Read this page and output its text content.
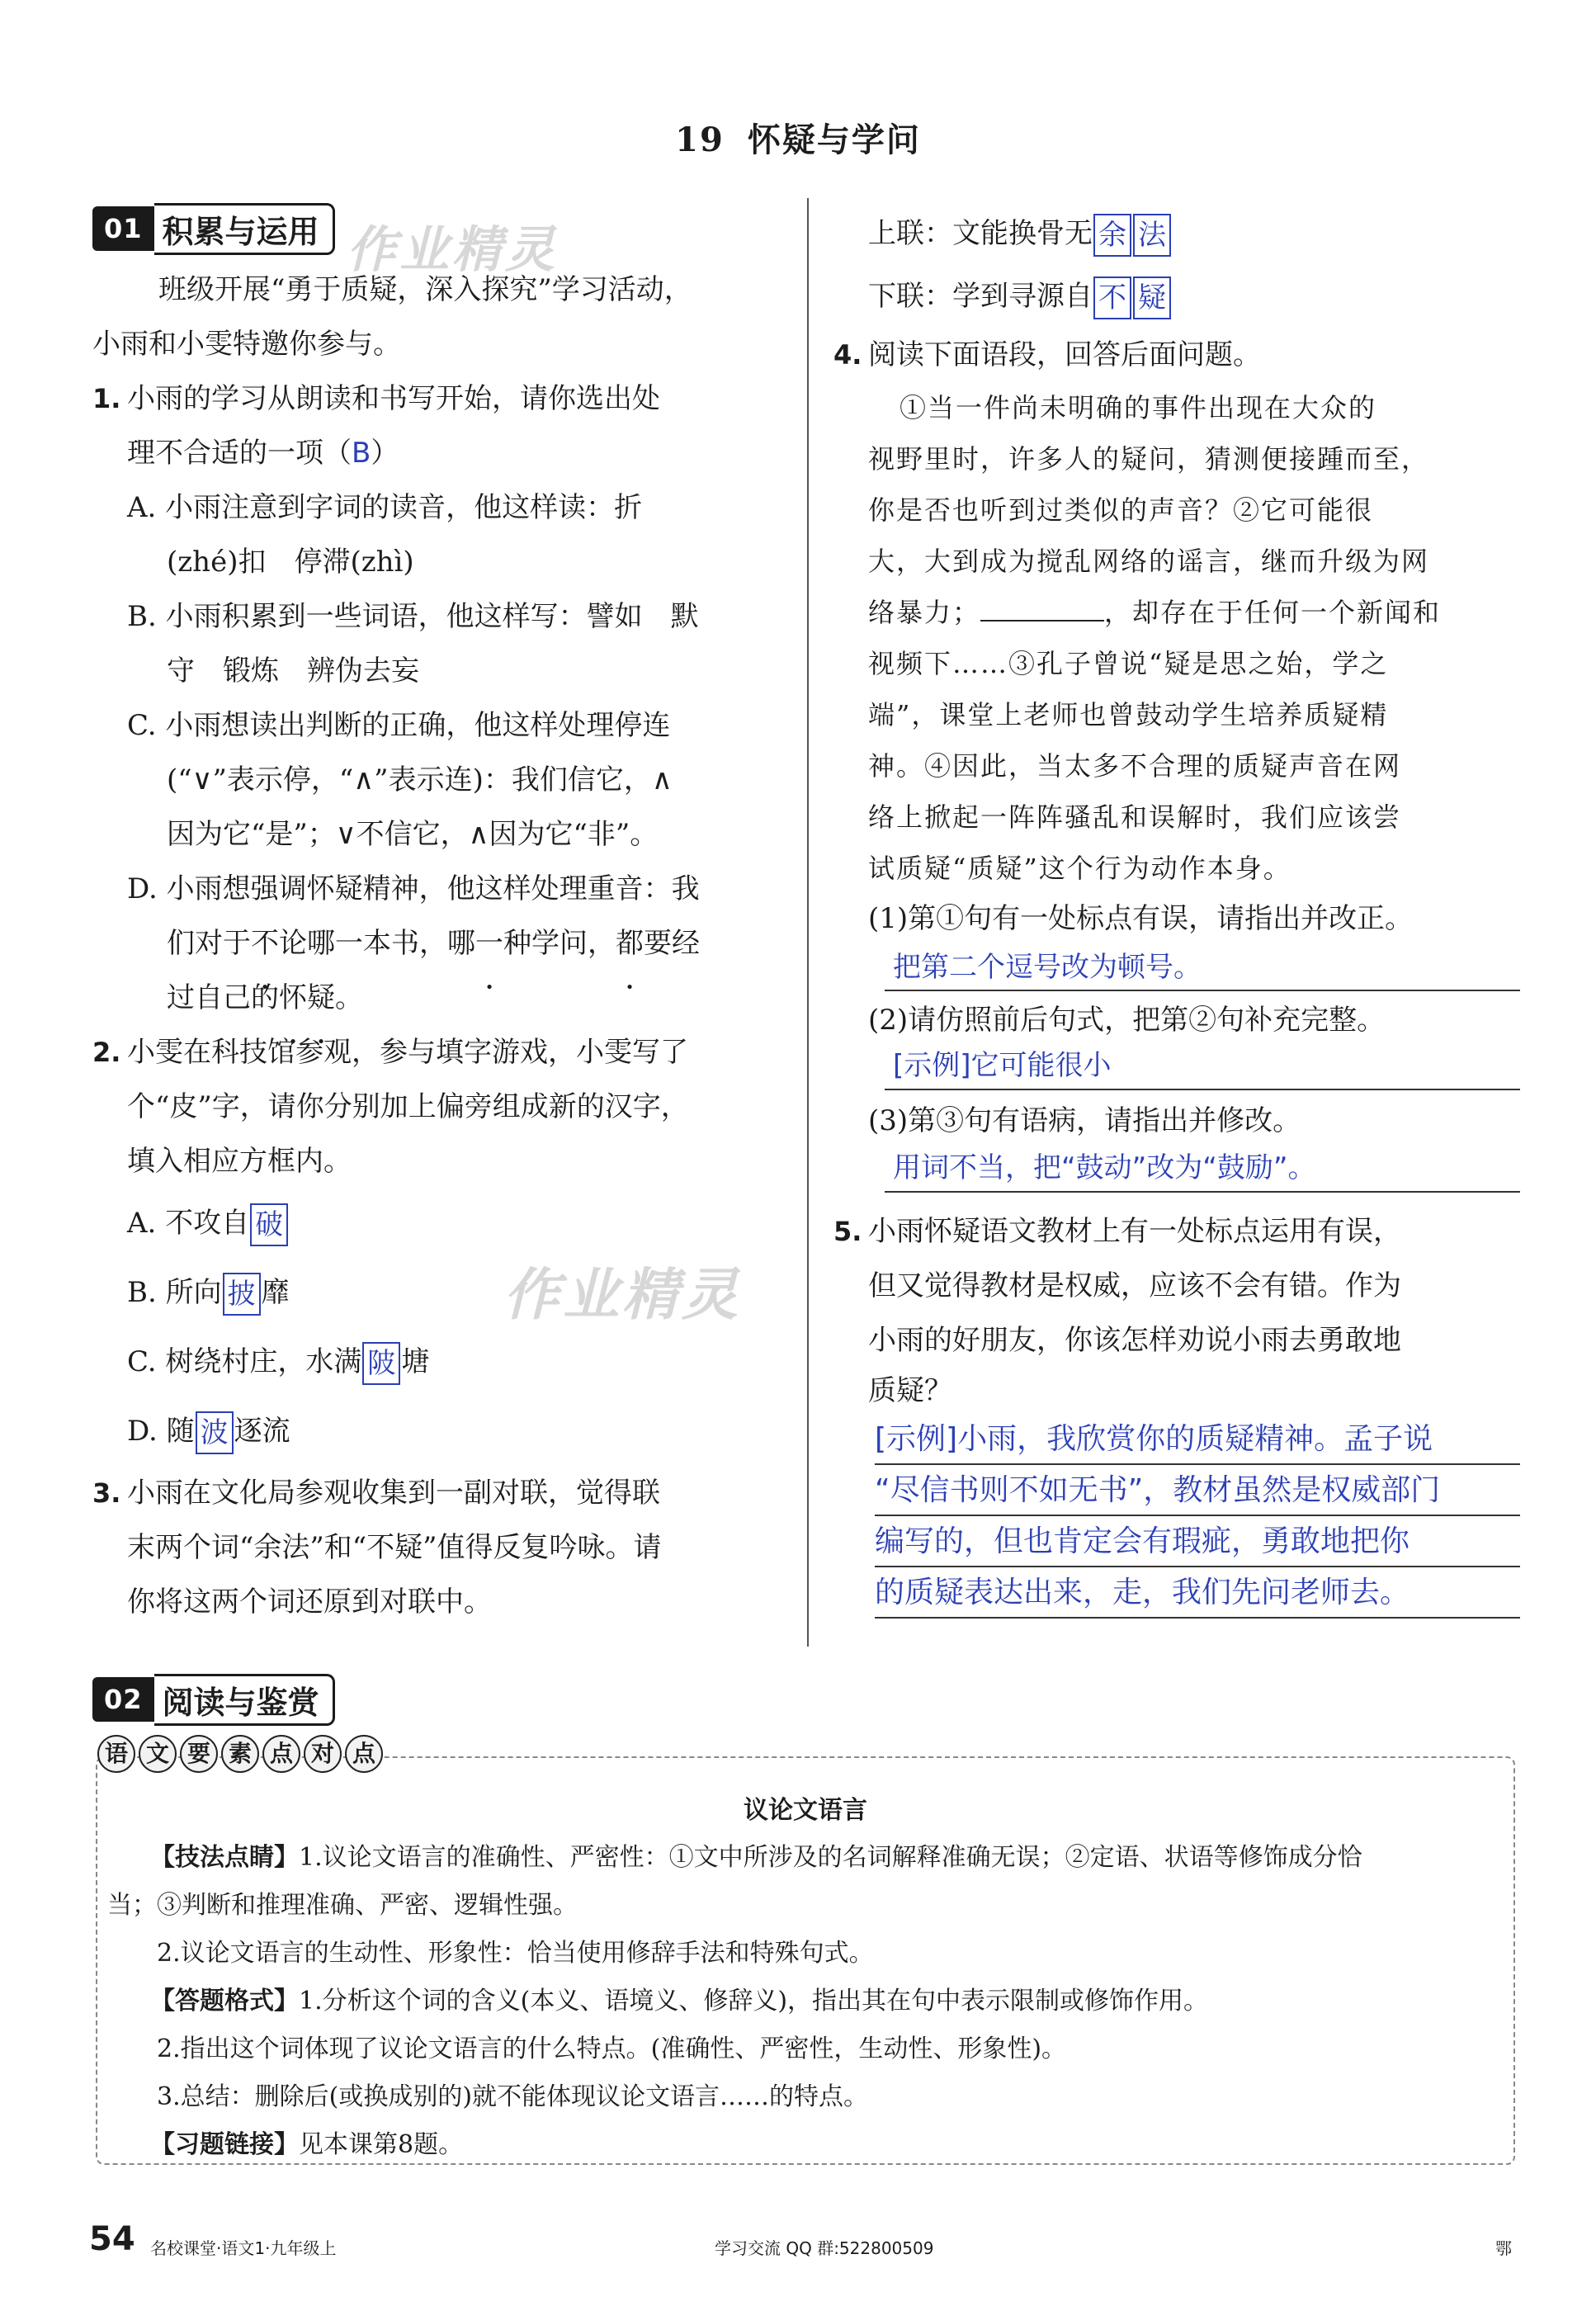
19 怀疑与学问
01 积累与运用 作业精灵
作业精灵
班级开展“勇于质疑，深入探究”学习活动，
小雨和小雯特邀你参与。
1. 小雨的学习从朗读和书写开始，请你选出处
理不合适的一项（B）
A. 小雨注意到字词的读音，他这样读：折
(zhé)扣　停滞(zhì)
B. 小雨积累到一些词语，他这样写：譬如　默
守　锻炼　辨伪去妄
C. 小雨想读出判断的正确，他这样处理停连
(“∨”表示停，“∧”表示连)：我们信它，∧
因为它“是”；∨不信它，∧因为它“非”。
D. 小雨想强调怀疑精神，他这样处理重音：我
们对于不论哪一本书，哪一种学问，都要经
过自己的怀疑。
2. 小雯在科技馆参观，参与填字游戏，小雯写了
个“皮”字，请你分别加上偏旁组成新的汉字，
填入相应方框内。
A. 不攻自 破
B. 所向 披 靡
C. 树绕村庄，水满 陂 塘
D. 随 波 逐流
3. 小雨在文化局参观收集到一副对联，觉得联
末两个词“余法”和“不疑”值得反复吟咏。请
你将这两个词还原到对联中。
上联：文能换骨无 余 法
下联：学到寻源自 不 疑
4. 阅读下面语段，回答后面问题。
①当一件尚未明确的事件出现在大众的
视野里时，许多人的疑问，猜测便接踵而至，
你是否也听到过类似的声音？②它可能很
大，大到成为搅乱网络的谣言，继而升级为网
络暴力；	，却存在于任何一个新闻和
视频下……③孔子曾说“疑是思之始，学之
端”，课堂上老师也曾鼓动学生培养质疑精
神。④因此，当太多不合理的质疑声音在网
络上掀起一阵阵骚乱和误解时，我们应该尝
试质疑“质疑”这个行为动作本身。
(1)第①句有一处标点有误，请指出并改正。
把第二个逗号改为顿号。
(2)请仿照前后句式，把第②句补充完整。
[示例]它可能很小
(3)第③句有语病，请指出并修改。
用词不当，把“鼓动”改为“鼓励”。
5. 小雨怀疑语文教材上有一处标点运用有误，
但又觉得教材是权威，应该不会有错。作为
小雨的好朋友，你该怎样劝说小雨去勇敢地
质疑？
[示例]小雨，我欣赏你的质疑精神。孟子说
“尽信书则不如无书”，教材虽然是权威部门
编写的，但也肯定会有瑕疵，勇敢地把你
的质疑表达出来，走，我们先问老师去。
02 阅读与鉴赏
语 文 要 素 点 对 点
议论文语言
【技法点睛】1.议论文语言的准确性、严密性：①文中所涉及的名词解释准确无误；②定语、状语等修饰成分恰
当；③判断和推理准确、严密、逻辑性强。
2.议论文语言的生动性、形象性：恰当使用修辞手法和特殊句式。
【答题格式】1.分析这个词的含义(本义、语境义、修辞义)，指出其在句中表示限制或修饰作用。
2.指出这个词体现了议论文语言的什么特点。(准确性、严密性，生动性、形象性)。
3.总结：删除后(或换成别的)就不能体现议论文语言……的特点。
【习题链接】见本课第8题。
54 名校课堂·语文1·九年级上	学习交流 QQ 群:522800509	鄂
